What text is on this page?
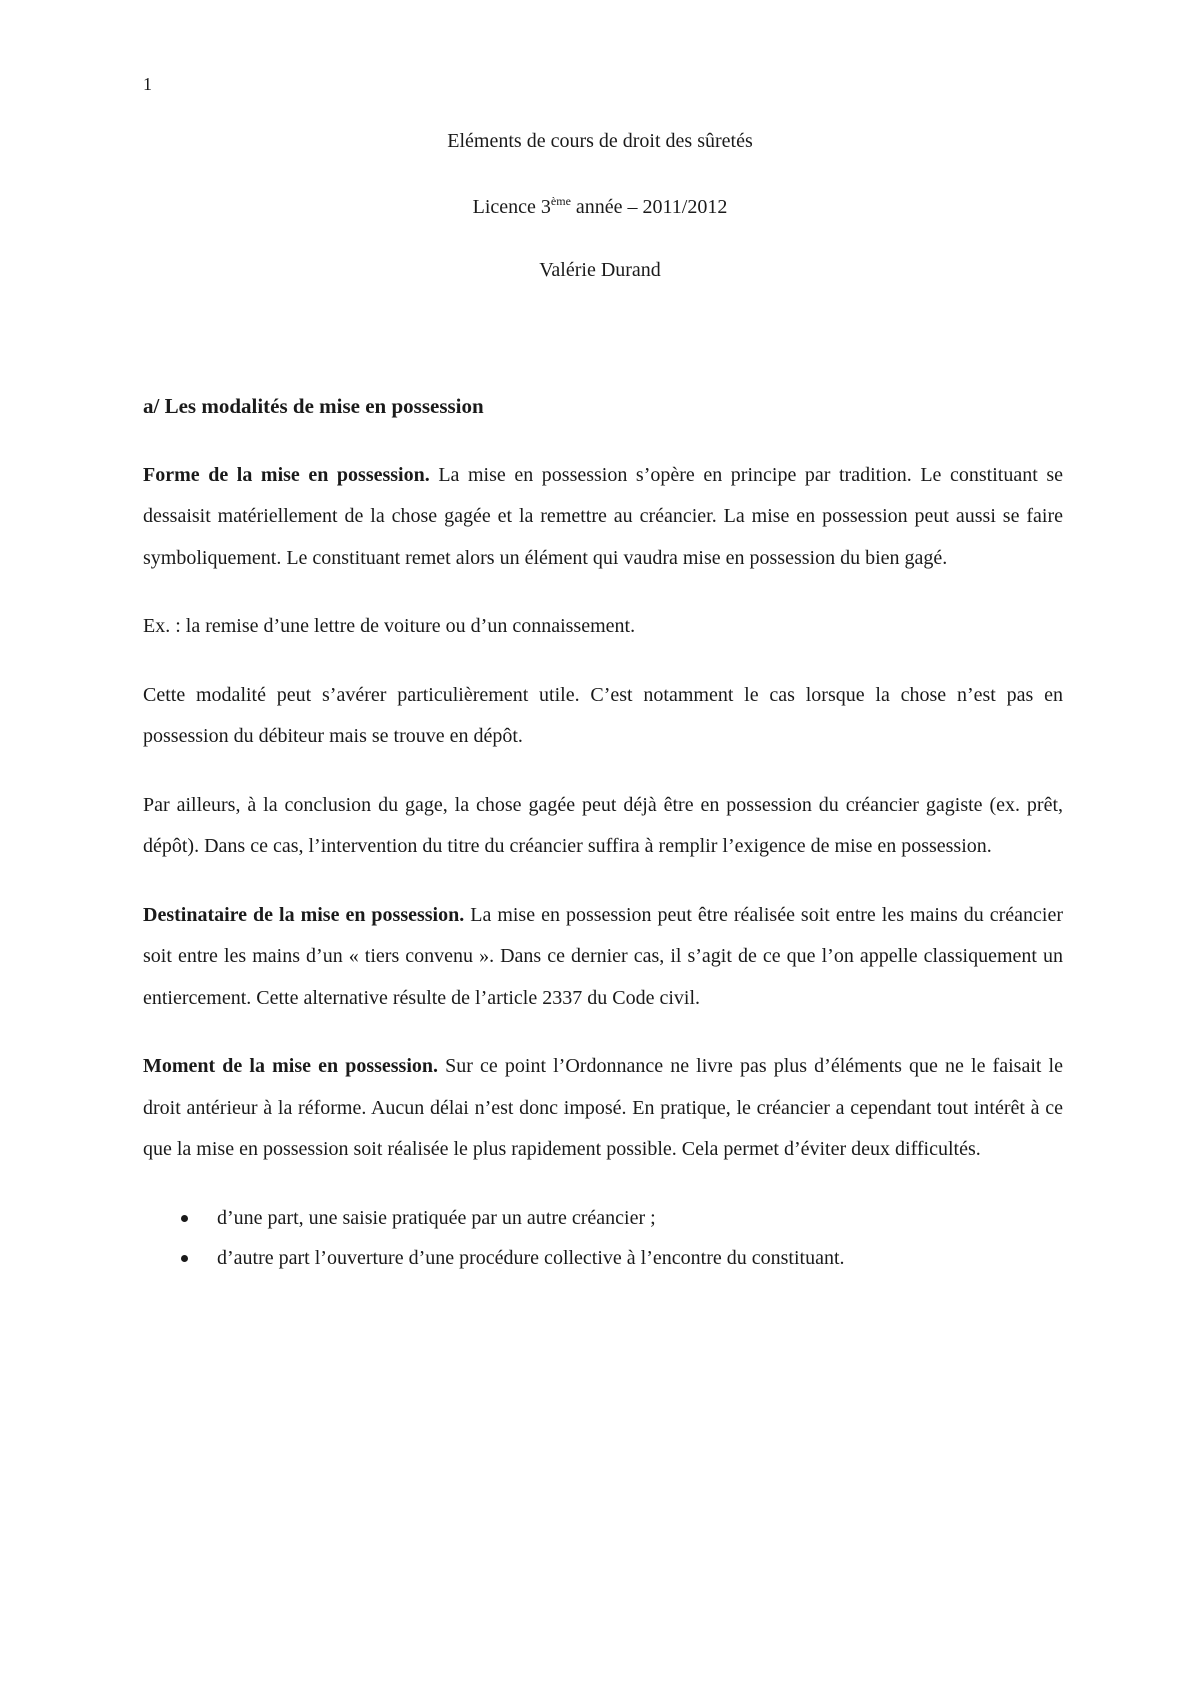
1
Eléments de cours de droit des sûretés
Licence 3ème année – 2011/2012
Valérie Durand
a/ Les modalités de mise en possession

Forme de la mise en possession. La mise en possession s’opère en principe par tradition. Le constituant se dessaisit matériellement de la chose gagée et la remettre au créancier. La mise en possession peut aussi se faire symboliquement. Le constituant remet alors un élément qui vaudra mise en possession du bien gagé.

Ex. : la remise d’une lettre de voiture ou d’un connaissement.

Cette modalité peut s’avérer particulièrement utile. C’est notamment le cas lorsque la chose n’est pas en possession du débiteur mais se trouve en dépôt.

Par ailleurs, à la conclusion du gage, la chose gagée peut déjà être en possession du créancier gagiste (ex. prêt, dépôt). Dans ce cas, l’intervention du titre du créancier suffira à remplir l’exigence de mise en possession.

Destinataire de la mise en possession. La mise en possession peut être réalisée soit entre les mains du créancier soit entre les mains d’un « tiers convenu ». Dans ce dernier cas, il s’agit de ce que l’on appelle classiquement un entiercement. Cette alternative résulte de l’article 2337 du Code civil.

Moment de la mise en possession. Sur ce point l’Ordonnance ne livre pas plus d’éléments que ne le faisait le droit antérieur à la réforme. Aucun délai n’est donc imposé. En pratique, le créancier a cependant tout intérêt à ce que la mise en possession soit réalisée le plus rapidement possible. Cela permet d’éviter deux difficultés.

d’une part, une saisie pratiquée par un autre créancier ;
d’autre part l’ouverture d’une procédure collective à l’encontre du constituant.
